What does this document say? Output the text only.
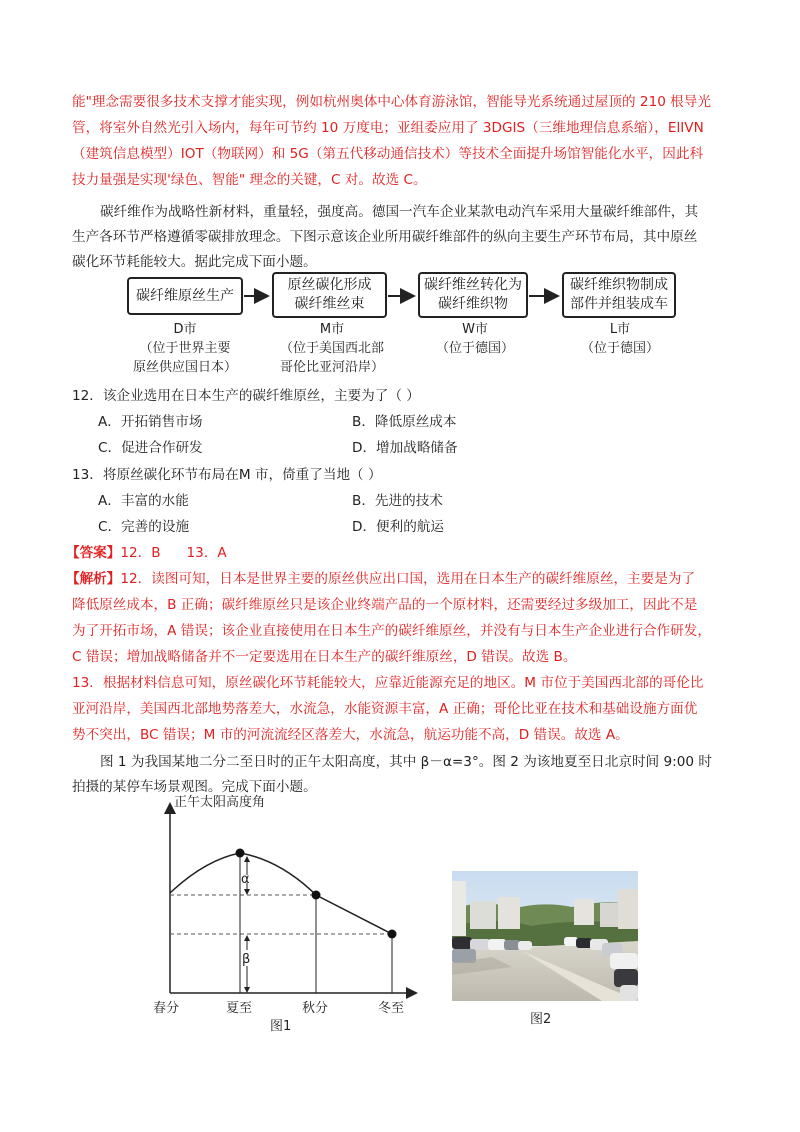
能"理念需要很多技术支撑才能实现，例如杭州奥体中心体育游泳馆，智能导光系统通过屋顶的 210 根导光
管，将室外自然光引入场内，每年可节约 10 万度电；亚组委应用了 3DGIS（三维地理信息系缩），ElIVN
（建筑信息模型）IOT（物联网）和 5G（第五代移动通信技术）等技术全面提升场馆智能化水平，因此科
技力量强是实现'绿色、智能" 理念的关键，C 对。故选 C。
碳纤维作为战略性新材料，重量轻，强度高。德国一汽车企业某款电动汽车采用大量碳纤维部件，其
生产各环节严格遵循零碳排放理念。下图示意该企业所用碳纤维部件的纵向主要生产环节布局，其中原丝
碳化环节耗能较大。据此完成下面小题。
碳纤维原丝生产
原丝碳化形成
碳纤维丝束
碳纤维丝转化为
碳纤维织物
碳纤维织物制成
部件并组装成车
D市
（位于世界主要
原丝供应国日本）
M市
（位于美国西北部
哥伦比亚河沿岸）
W市
（位于德国）
L市
（位于德国）
12．该企业选用在日本生产的碳纤维原丝，主要为了（ ）
A．开拓销售市场	B．降低原丝成本
C．促进合作研发	D．增加战略储备
13．将原丝碳化环节布局在M 市，倚重了当地（ ）
A．丰富的水能	B．先进的技术
C．完善的设施	D．便利的航运
【答案】12．B      13．A
【解析】12．读图可知，日本是世界主要的原丝供应出口国，选用在日本生产的碳纤维原丝，主要是为了
降低原丝成本，B 正确；碳纤维原丝只是该企业终端产品的一个原材料，还需要经过多级加工，因此不是
为了开拓市场，A 错误；该企业直接使用在日本生产的碳纤维原丝，并没有与日本生产企业进行合作研发，
C 错误；增加战略储备并不一定要选用在日本生产的碳纤维原丝，D 错误。故选 B。
13．根据材料信息可知，原丝碳化环节耗能较大，应靠近能源充足的地区。M 市位于美国西北部的哥伦比
亚河沿岸，美国西北部地势落差大，水流急，水能资源丰富，A 正确；哥伦比亚在技术和基础设施方面优
势不突出，BC 错误；M 市的河流流经区落差大，水流急，航运功能不高，D 错误。故选 A。
图 1 为我国某地二分二至日时的正午太阳高度，其中 β－α=3°。图 2 为该地夏至日北京时间 9:00 时
拍摄的某停车场景观图。完成下面小题。
正午太阳高度角
α
β
春分	夏至	秋分	冬至
图1	图2
